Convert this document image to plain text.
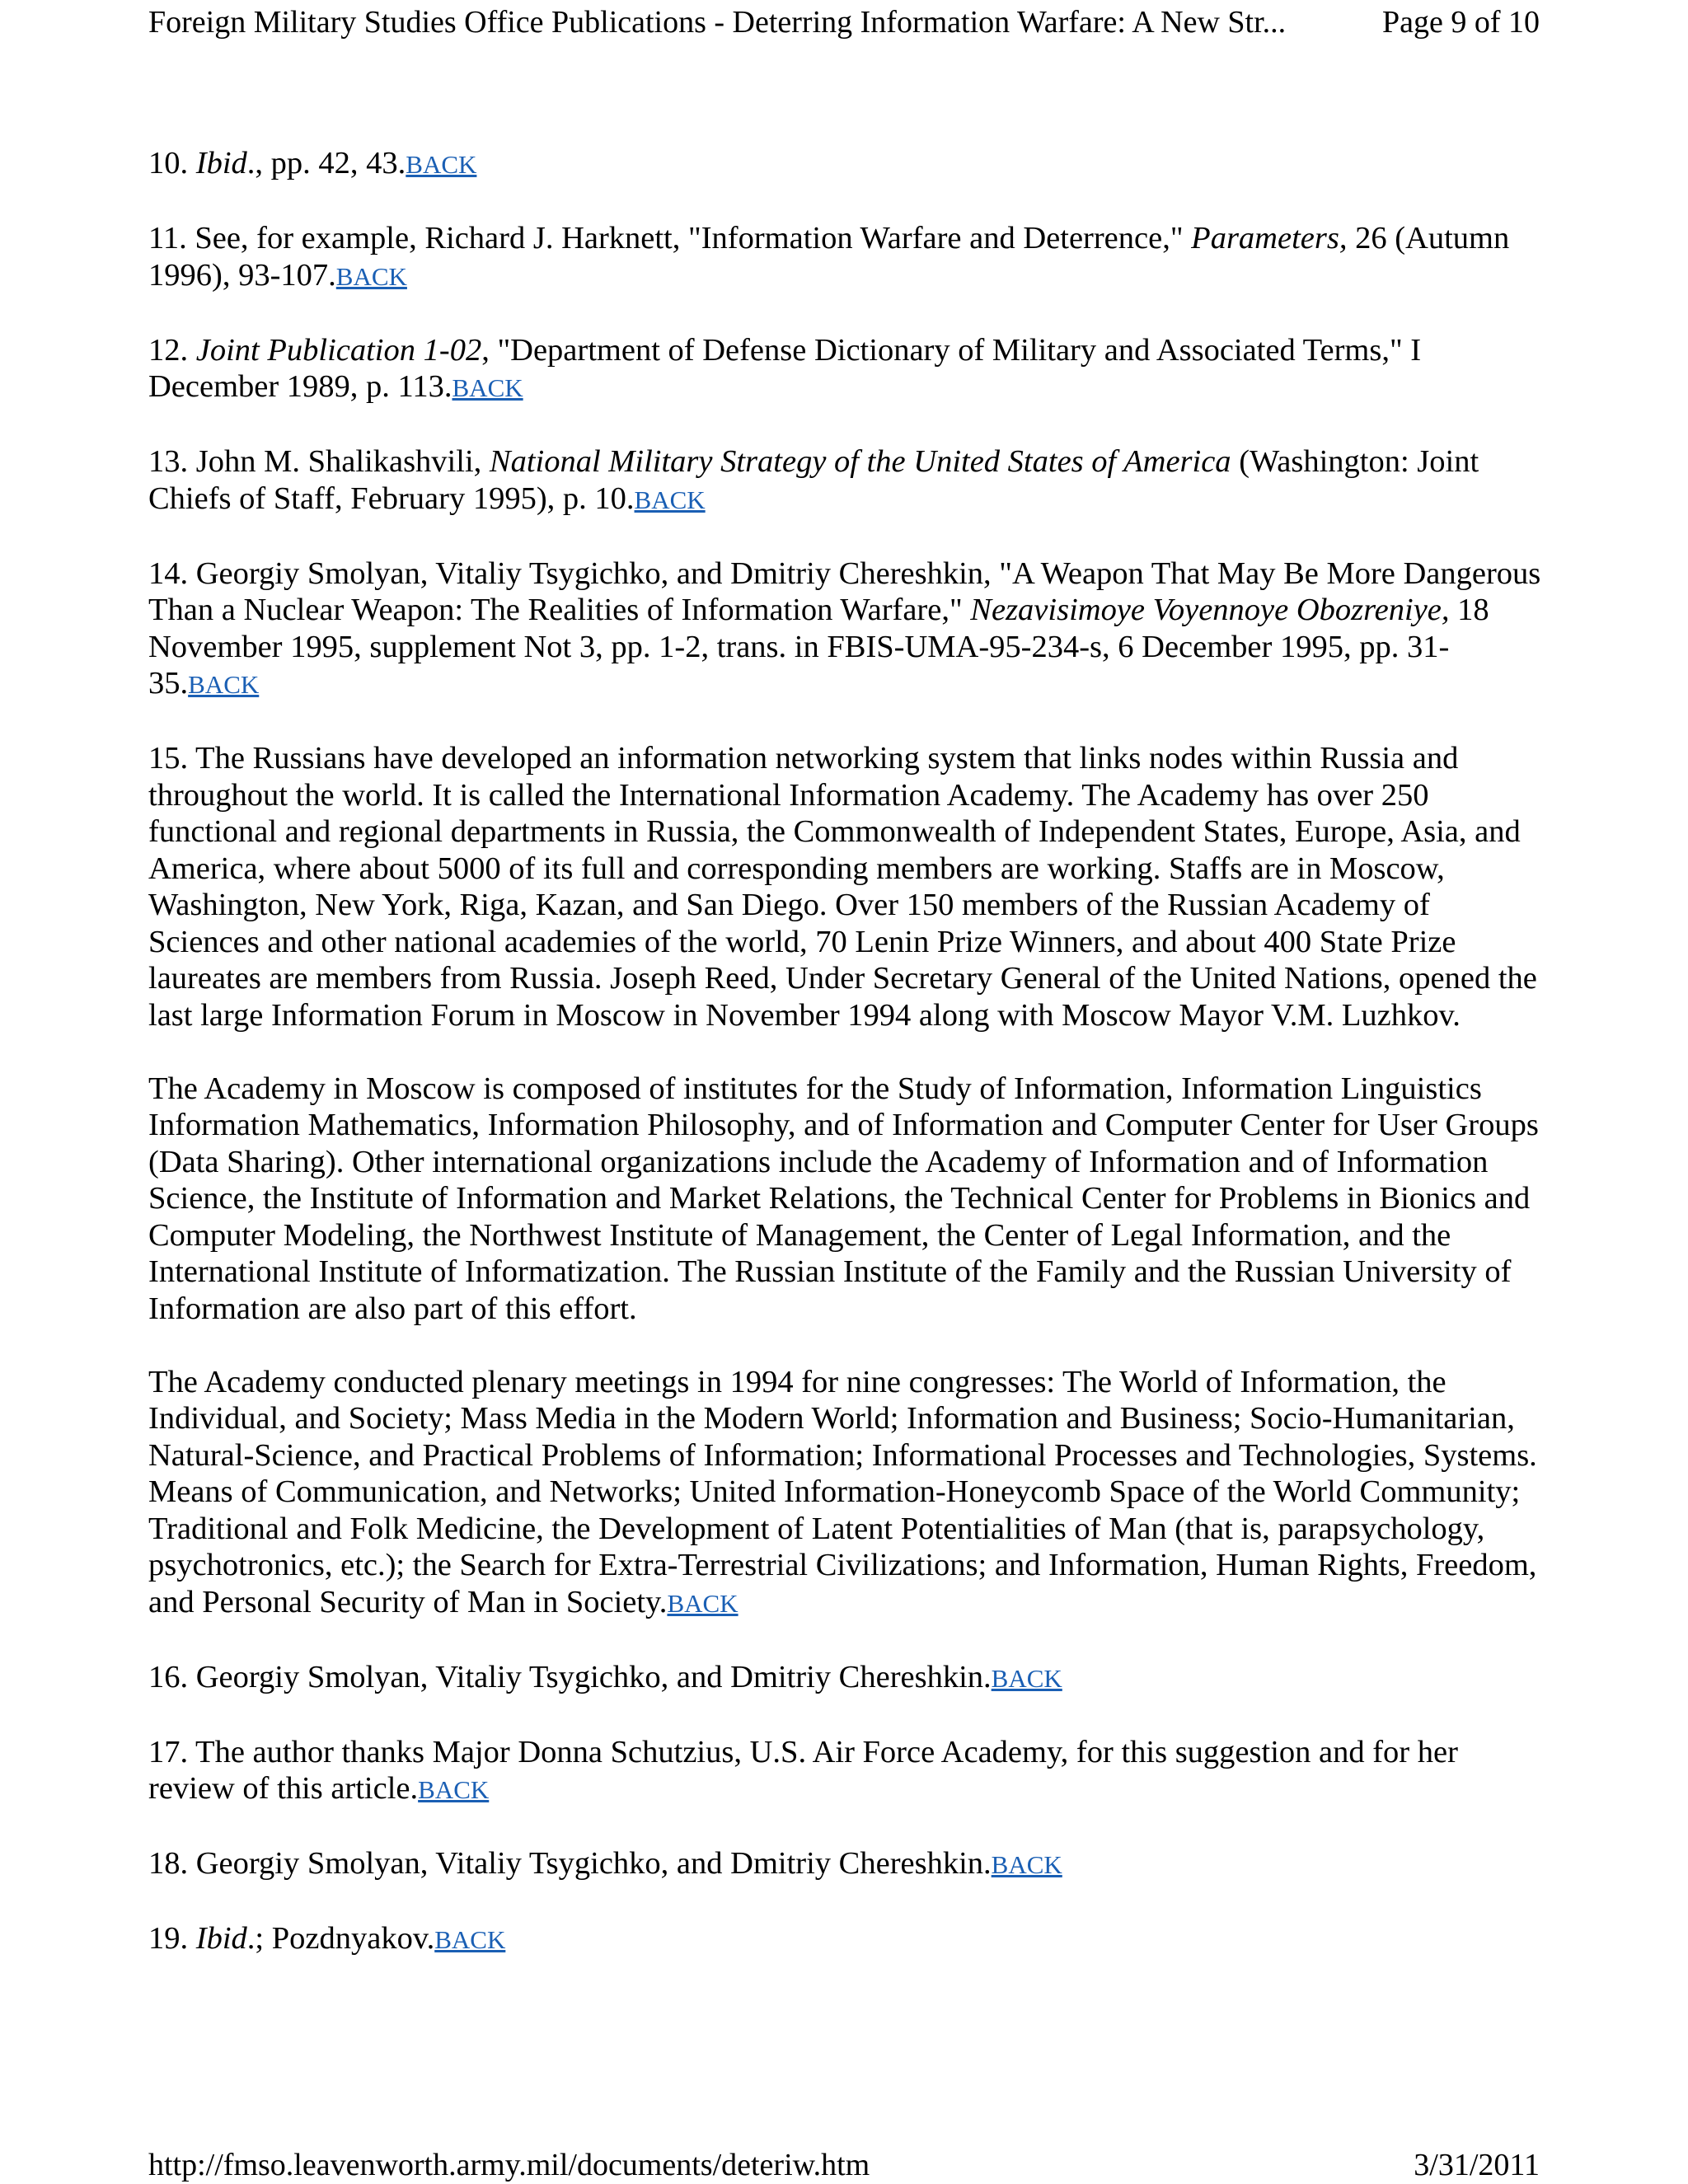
Foreign Military Studies Office Publications - Deterring Information Warfare: A New Str...	Page 9 of 10

10. Ibid., pp. 42, 43.BACK

11. See, for example, Richard J. Harknett, "Information Warfare and Deterrence," Parameters, 26 (Autumn 1996), 93-107.BACK

12. Joint Publication 1-02, "Department of Defense Dictionary of Military and Associated Terms," I December 1989, p. 113.BACK

13. John M. Shalikashvili, National Military Strategy of the United States of America (Washington: Joint Chiefs of Staff, February 1995), p. 10.BACK

14. Georgiy Smolyan, Vitaliy Tsygichko, and Dmitriy Chereshkin, "A Weapon That May Be More Dangerous Than a Nuclear Weapon: The Realities of Information Warfare," Nezavisimoye Voyennoye Obozreniye, 18 November 1995, supplement Not 3, pp. 1-2, trans. in FBIS-UMA-95-234-s, 6 December 1995, pp. 31-35.BACK

15. The Russians have developed an information networking system that links nodes within Russia and throughout the world. It is called the International Information Academy. The Academy has over 250 functional and regional departments in Russia, the Commonwealth of Independent States, Europe, Asia, and America, where about 5000 of its full and corresponding members are working. Staffs are in Moscow, Washington, New York, Riga, Kazan, and San Diego. Over 150 members of the Russian Academy of Sciences and other national academies of the world, 70 Lenin Prize Winners, and about 400 State Prize laureates are members from Russia. Joseph Reed, Under Secretary General of the United Nations, opened the last large Information Forum in Moscow in November 1994 along with Moscow Mayor V.M. Luzhkov.

The Academy in Moscow is composed of institutes for the Study of Information, Information Linguistics Information Mathematics, Information Philosophy, and of Information and Computer Center for User Groups (Data Sharing). Other international organizations include the Academy of Information and of Information Science, the Institute of Information and Market Relations, the Technical Center for Problems in Bionics and Computer Modeling, the Northwest Institute of Management, the Center of Legal Information, and the International Institute of Informatization. The Russian Institute of the Family and the Russian University of Information are also part of this effort.

The Academy conducted plenary meetings in 1994 for nine congresses: The World of Information, the Individual, and Society; Mass Media in the Modern World; Information and Business; Socio-Humanitarian, Natural-Science, and Practical Problems of Information; Informational Processes and Technologies, Systems. Means of Communication, and Networks; United Information-Honeycomb Space of the World Community; Traditional and Folk Medicine, the Development of Latent Potentialities of Man (that is, parapsychology, psychotronics, etc.); the Search for Extra-Terrestrial Civilizations; and Information, Human Rights, Freedom, and Personal Security of Man in Society.BACK

16. Georgiy Smolyan, Vitaliy Tsygichko, and Dmitriy Chereshkin.BACK

17. The author thanks Major Donna Schutzius, U.S. Air Force Academy, for this suggestion and for her review of this article.BACK

18. Georgiy Smolyan, Vitaliy Tsygichko, and Dmitriy Chereshkin.BACK

19. Ibid.; Pozdnyakov.BACK

http://fmso.leavenworth.army.mil/documents/deteriw.htm	3/31/2011
